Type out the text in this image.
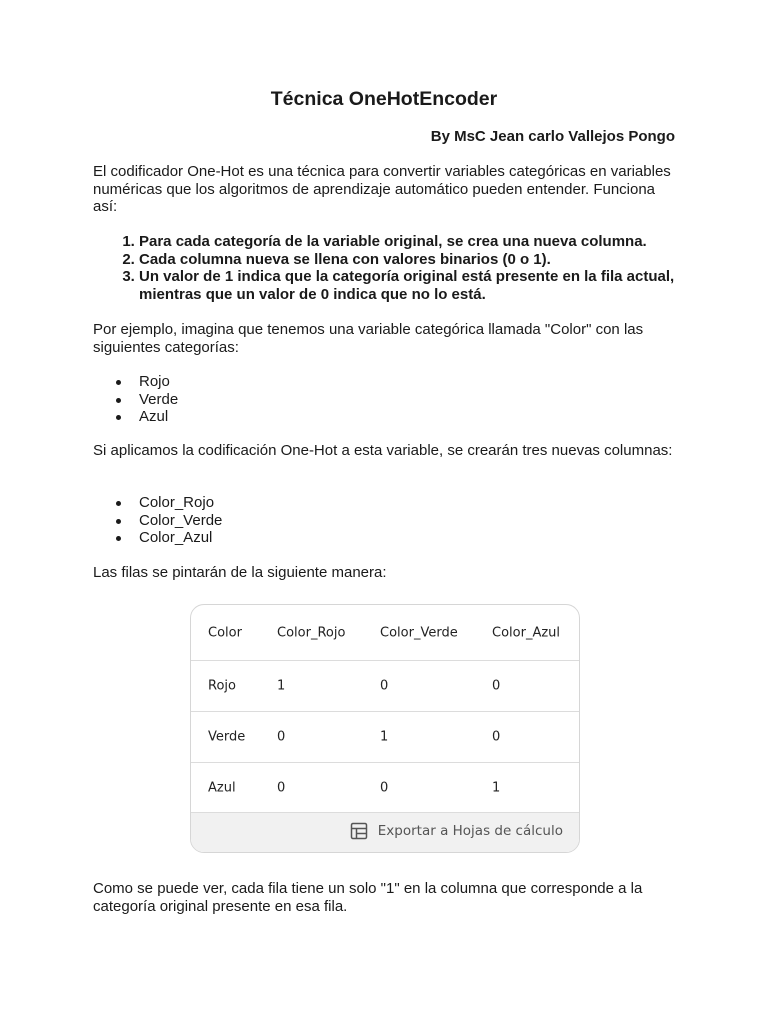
Técnica OneHotEncoder
By MsC Jean carlo Vallejos Pongo

El codificador One-Hot es una técnica para convertir variables categóricas en variables numéricas que los algoritmos de aprendizaje automático pueden entender. Funciona así:

1. Para cada categoría de la variable original, se crea una nueva columna.
2. Cada columna nueva se llena con valores binarios (0 o 1).
3. Un valor de 1 indica que la categoría original está presente en la fila actual, mientras que un valor de 0 indica que no lo está.

Por ejemplo, imagina que tenemos una variable categórica llamada "Color" con las siguientes categorías:

Rojo
Verde
Azul

Si aplicamos la codificación One-Hot a esta variable, se crearán tres nuevas columnas:

Color_Rojo
Color_Verde
Color_Azul

Las filas se pintarán de la siguiente manera:

Como se puede ver, cada fila tiene un solo "1" en la columna que corresponde a la categoría original presente en esa fila.

Color	Color_Rojo	Color_Verde	Color_Azul
Rojo	1	0	0
Verde 0	1	0
Azul	0	0	1
Exportar a Hojas de cálculo
